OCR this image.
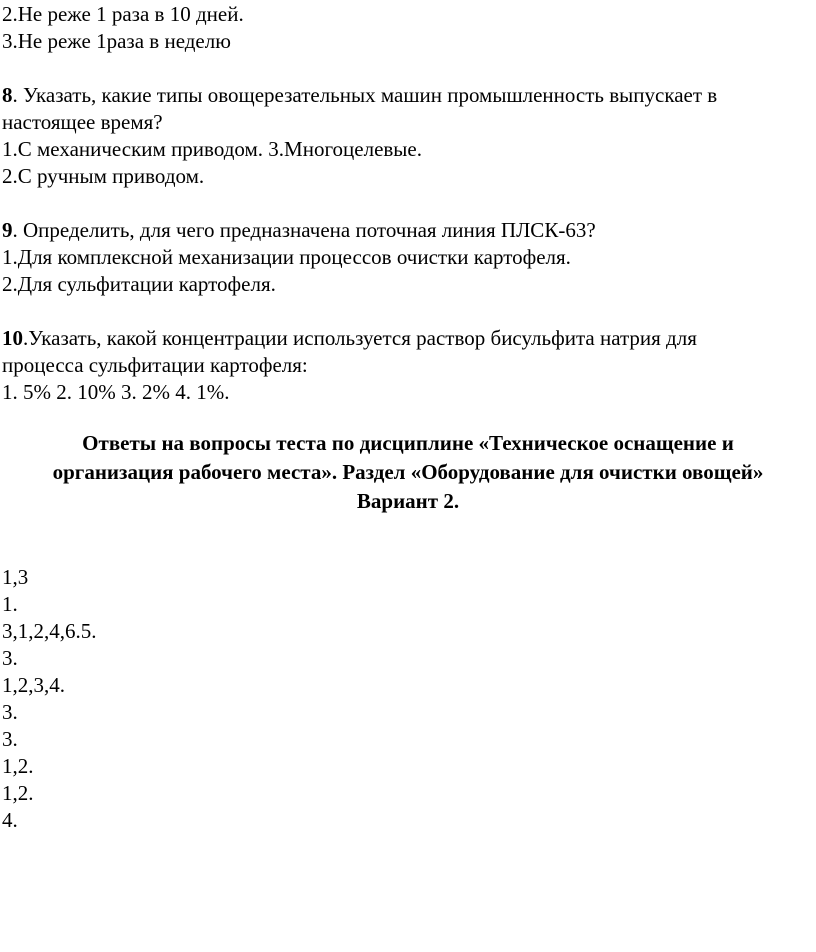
2.Не реже 1 раза в 10 дней.
3.Не реже 1раза в неделю
8. Указать, какие типы овощерезательных машин промышленность выпускает в
настоящее время?
1.С механическим приводом. 3.Многоцелевые.
2.С ручным приводом.
9. Определить, для чего предназначена поточная линия ПЛСК-63?
1.Для комплексной механизации процессов очистки картофеля.
2.Для сульфитации картофеля.
10.Указать, какой концентрации используется раствор бисульфита натрия для
процесса сульфитации картофеля:
1. 5% 2. 10% 3. 2% 4. 1%.
Ответы на вопросы теста по дисциплине «Техническое оснащение и
организация рабочего места». Раздел «Оборудование для очистки овощей»
Вариант 2.
1,3
1.
3,1,2,4,6.5.
3.
1,2,3,4.
3.
3.
1,2.
1,2.
4.
